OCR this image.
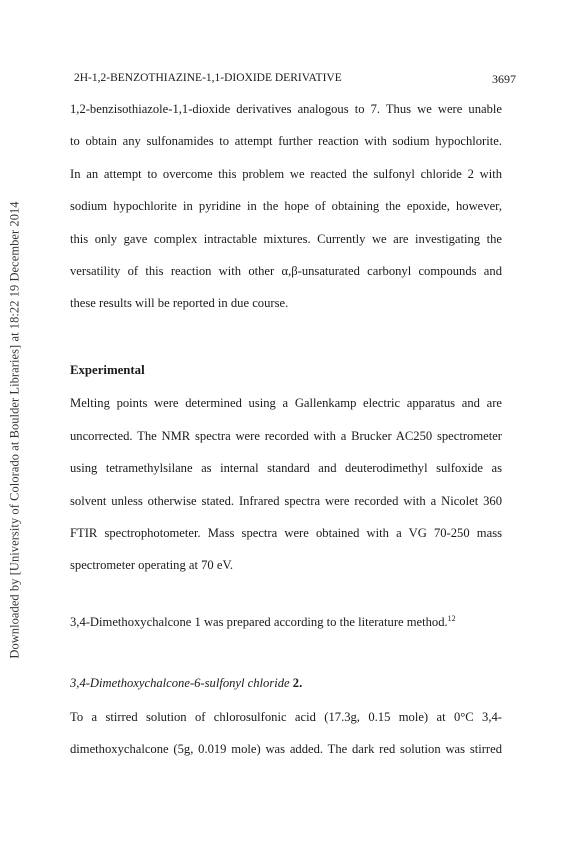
Downloaded by [University of Colorado at Boulder Libraries] at 18:22 19 December 2014
2H-1,2-BENZOTHIAZINE-1,1-DIOXIDE DERIVATIVE	3697
1,2-benzisothiazole-1,1-dioxide derivatives analogous to 7. Thus we were unable
to obtain any sulfonamides to attempt further reaction with sodium hypochlorite.
In an attempt to overcome this problem we reacted the sulfonyl chloride 2 with
sodium hypochlorite in pyridine in the hope of obtaining the epoxide, however,
this only gave complex intractable mixtures. Currently we are investigating the
versatility of this reaction with other α,β-unsaturated carbonyl compounds and
these results will be reported in due course.
Experimental
Melting points were determined using a Gallenkamp electric apparatus and are
uncorrected. The NMR spectra were recorded with a Brucker AC250 spectrometer
using tetramethylsilane as internal standard and deuterodimethyl sulfoxide as
solvent unless otherwise stated. Infrared spectra were recorded with a Nicolet 360
FTIR spectrophotometer. Mass spectra were obtained with a VG 70-250 mass
spectrometer operating at 70 eV.
3,4-Dimethoxychalcone 1 was prepared according to the literature method.$^{12}$
3,4-Dimethoxychalcone-6-sulfonyl chloride 2.
To a stirred solution of chlorosulfonic acid (17.3g, 0.15 mole) at 0°C 3,4-
dimethoxychalcone (5g, 0.019 mole) was added. The dark red solution was stirred
